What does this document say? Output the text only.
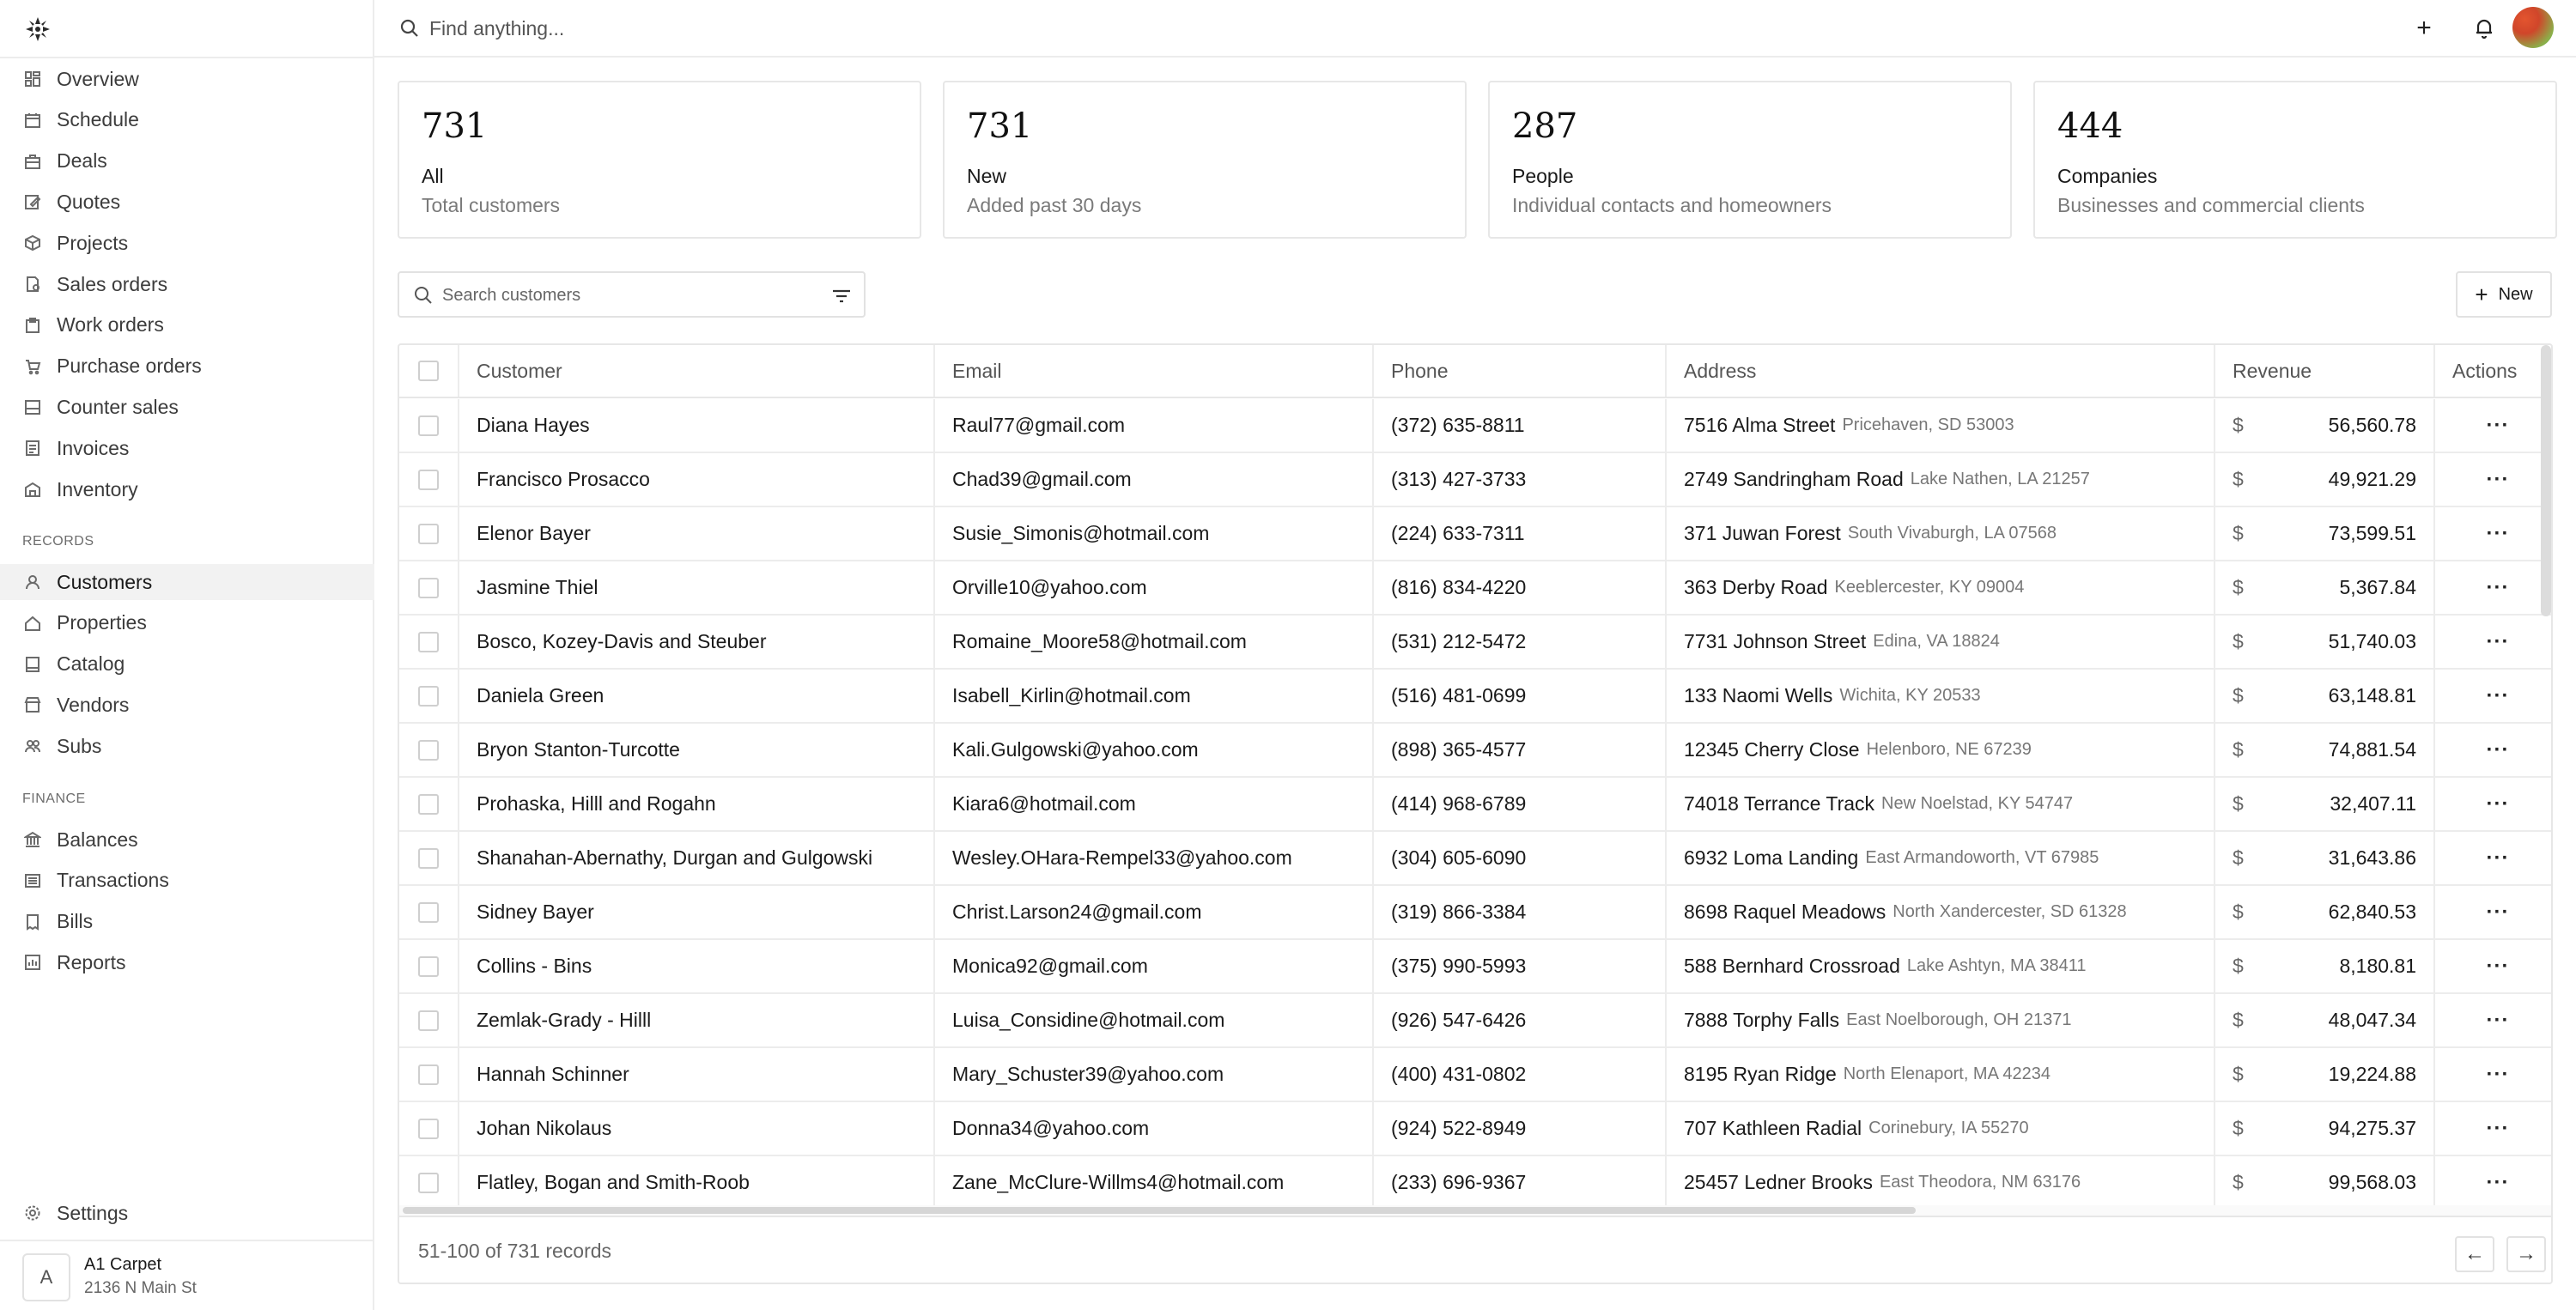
Overview
Schedule
Deals
Quotes
Projects
Sales orders
Work orders
Purchase orders
Counter sales
Invoices
Inventory
RECORDS
Customers
Properties
Catalog
Vendors
Subs
FINANCE
Balances
Transactions
Bills
Reports
Settings
A
A1 Carpet
2136 N Main St
Find anything...
+
731
All
Total customers
731
New
Added past 30 days
287
People
Individual contacts and homeowners
444
Companies
Businesses and commercial clients
Search customers
+ New
Customer	Email	Phone	Address	Revenue	Actions
Diana Hayes	Raul77@gmail.com	(372) 635-8811	7516 Alma Street Pricehaven, SD 53003	$	56,560.78	···
Francisco Prosacco	Chad39@gmail.com	(313) 427-3733	2749 Sandringham Road Lake Nathen, LA 21257	$	49,921.29	···
Elenor Bayer	Susie_Simonis@hotmail.com	(224) 633-7311	371 Juwan Forest South Vivaburgh, LA 07568	$	73,599.51	···
Jasmine Thiel	Orville10@yahoo.com	(816) 834-4220	363 Derby Road Keeblercester, KY 09004	$	5,367.84	···
Bosco, Kozey-Davis and Steuber	Romaine_Moore58@hotmail.com	(531) 212-5472	7731 Johnson Street Edina, VA 18824	$	51,740.03	···
Daniela Green	Isabell_Kirlin@hotmail.com	(516) 481-0699	133 Naomi Wells Wichita, KY 20533	$	63,148.81	···
Bryon Stanton-Turcotte	Kali.Gulgowski@yahoo.com	(898) 365-4577	12345 Cherry Close Helenboro, NE 67239	$	74,881.54	···
Prohaska, Hilll and Rogahn	Kiara6@hotmail.com	(414) 968-6789	74018 Terrance Track New Noelstad, KY 54747	$	32,407.11	···
Shanahan-Abernathy, Durgan and Gulgowski	Wesley.OHara-Rempel33@yahoo.com	(304) 605-6090	6932 Loma Landing East Armandoworth, VT 67985	$	31,643.86	···
Sidney Bayer	Christ.Larson24@gmail.com	(319) 866-3384	8698 Raquel Meadows North Xandercester, SD 61328	$	62,840.53	···
Collins - Bins	Monica92@gmail.com	(375) 990-5993	588 Bernhard Crossroad Lake Ashtyn, MA 38411	$	8,180.81	···
Zemlak-Grady - Hilll	Luisa_Considine@hotmail.com	(926) 547-6426	7888 Torphy Falls East Noelborough, OH 21371	$	48,047.34	···
Hannah Schinner	Mary_Schuster39@yahoo.com	(400) 431-0802	8195 Ryan Ridge North Elenaport, MA 42234	$	19,224.88	···
Johan Nikolaus	Donna34@yahoo.com	(924) 522-8949	707 Kathleen Radial Corinebury, IA 55270	$	94,275.37	···
Flatley, Bogan and Smith-Roob	Zane_McClure-Willms4@hotmail.com	(233) 696-9367	25457 Ledner Brooks East Theodora, NM 63176	$	99,568.03	···
51-100 of 731 records	← →
